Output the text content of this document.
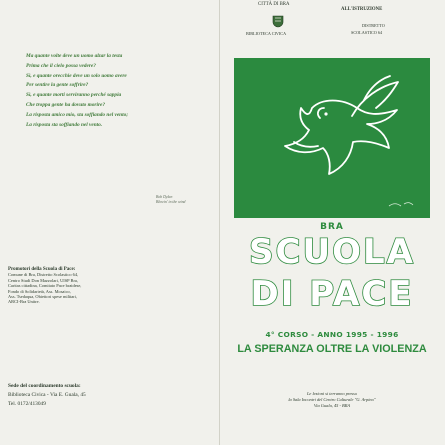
Ma quante volte deve un uomo alzar la testa
Prima che il cielo possa vedere?
Sì, e quante orecchie deve un solo uomo avere
Per sentire la gente soffrire?
Sì, e quante morti serviranno perché sappia
Che troppa gente ha dovuto morire?
La risposta amico mio, sta soffiando nel vento;
La risposta sta soffiando nel vento.
Bob Dylan
Blowin' in the wind
Promotori della Scuola di Pace:
Comune di Bra, Distretto Scolastico 64,
Centro Studi Don Mazzolari, UISP Bra,
Caritas cittadina, Comitato Pace braidese,
Fondo di Solidarietà, Ass. Mosaico,
Ass. Tsedaqua, Obiettori spese militari,
ARCI-Bra Unitre.
Sede del coordinamento scuola:
Biblioteca Civica - Via E. Guala, 45
Tel. 0172/413049
CITTÀ DI BRA
ALL'ISTRUZIONE
BIBLIOTECA CIVICA
DISTRETTO
SCOLASTICO 64
BRA
SCUOLA
DI PACE
4° CORSO - ANNO 1995 - 1996
LA SPERANZA OLTRE LA VIOLENZA
Le lezioni si terranno presso
la Sala Incontri del Centro Culturale "G. Arpino"
Via Guala, 45 - BRA
